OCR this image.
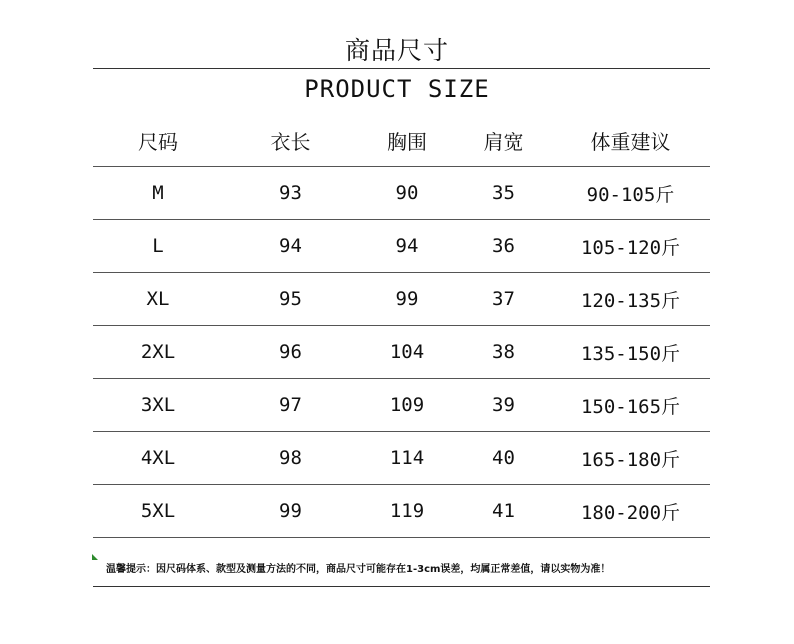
商品尺寸
PRODUCT SIZE
尺码	衣长	胸围	肩宽	体重建议
M	93	90	35	90-105斤
L	94	94	36	105-120斤
XL	95	99	37	120-135斤
2XL	96	104	38	135-150斤
3XL	97	109	39	150-165斤
4XL	98	114	40	165-180斤
5XL	99	119	41	180-200斤
温馨提示：因尺码体系、款型及测量方法的不同，商品尺寸可能存在1-3cm误差，均属正常差值，请以实物为准！
